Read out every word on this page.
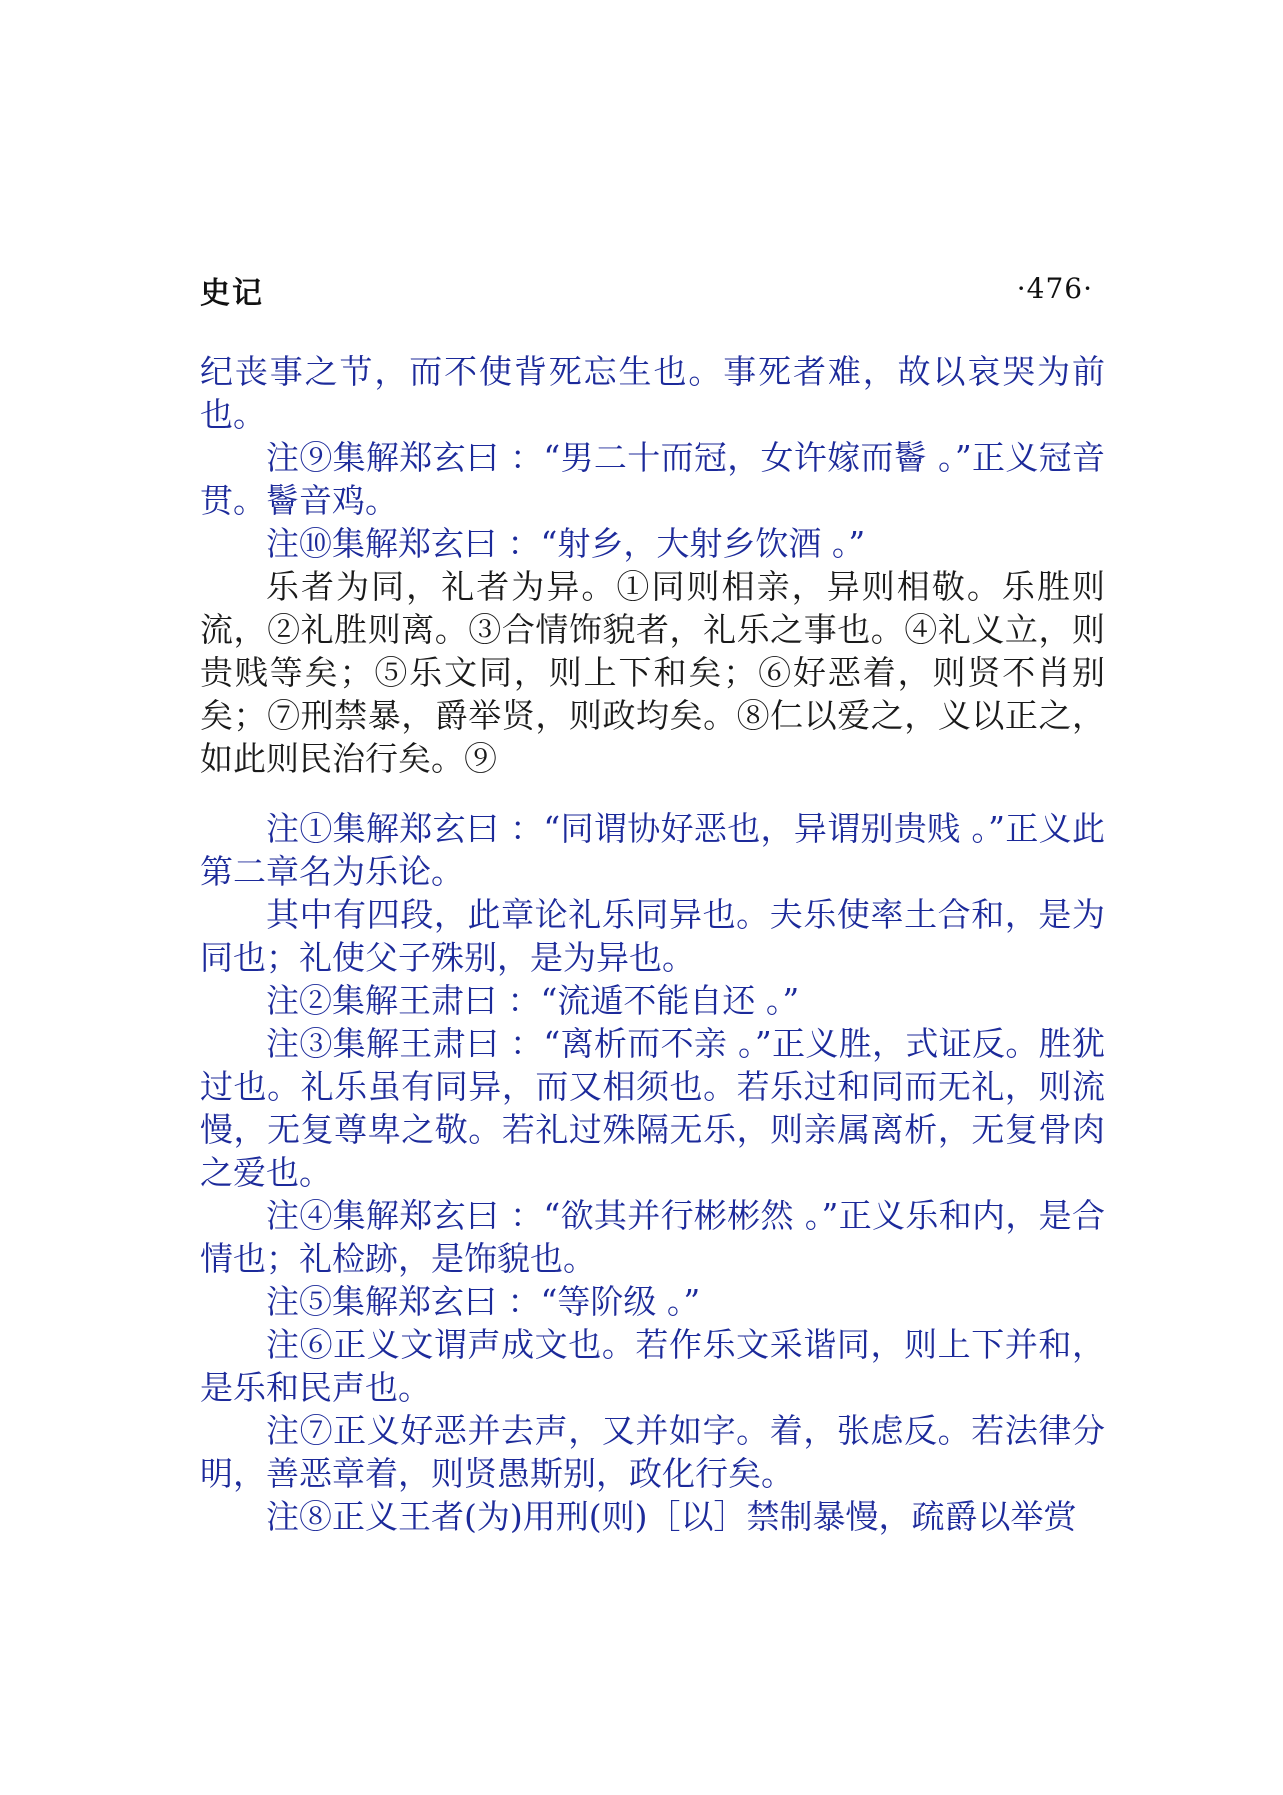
史记	·476·

纪丧事之节，而不使背死忘生也。事死者难，故以哀哭为前也。

注⑨集解郑玄曰 ：“男二十而冠，女许嫁而鬠 。”正义冠音贯。鬠音鸡。

注⑩集解郑玄曰 ：“射乡，大射乡饮酒 。”

乐者为同，礼者为异。①同则相亲，异则相敬。乐胜则流，②礼胜则离。③合情饰貌者，礼乐之事也。④礼义立，则贵贱等矣；⑤乐文同，则上下和矣；⑥好恶着，则贤不肖别矣；⑦刑禁暴，爵举贤，则政均矣。⑧仁以爱之，义以正之，如此则民治行矣。⑨

注①集解郑玄曰 ：“同谓协好恶也，异谓别贵贱 。”正义此第二章名为乐论。

其中有四段，此章论礼乐同异也。夫乐使率土合和，是为同也；礼使父子殊别，是为异也。

注②集解王肃曰 ：“流遁不能自还 。”

注③集解王肃曰 ：“离析而不亲 。”正义胜，式证反。胜犹过也。礼乐虽有同异，而又相须也。若乐过和同而无礼，则流慢，无复尊卑之敬。若礼过殊隔无乐，则亲属离析，无复骨肉之爱也。

注④集解郑玄曰 ：“欲其并行彬彬然 。”正义乐和内，是合情也；礼检跡，是饰貌也。

注⑤集解郑玄曰 ：“等阶级 。”

注⑥正义文谓声成文也。若作乐文采谐同，则上下并和，是乐和民声也。

注⑦正义好恶并去声，又并如字。着，张虑反。若法律分明，善恶章着，则贤愚斯别，政化行矣。

注⑧正义王者(为)用刑(则)［以］禁制暴慢，疏爵以举赏
